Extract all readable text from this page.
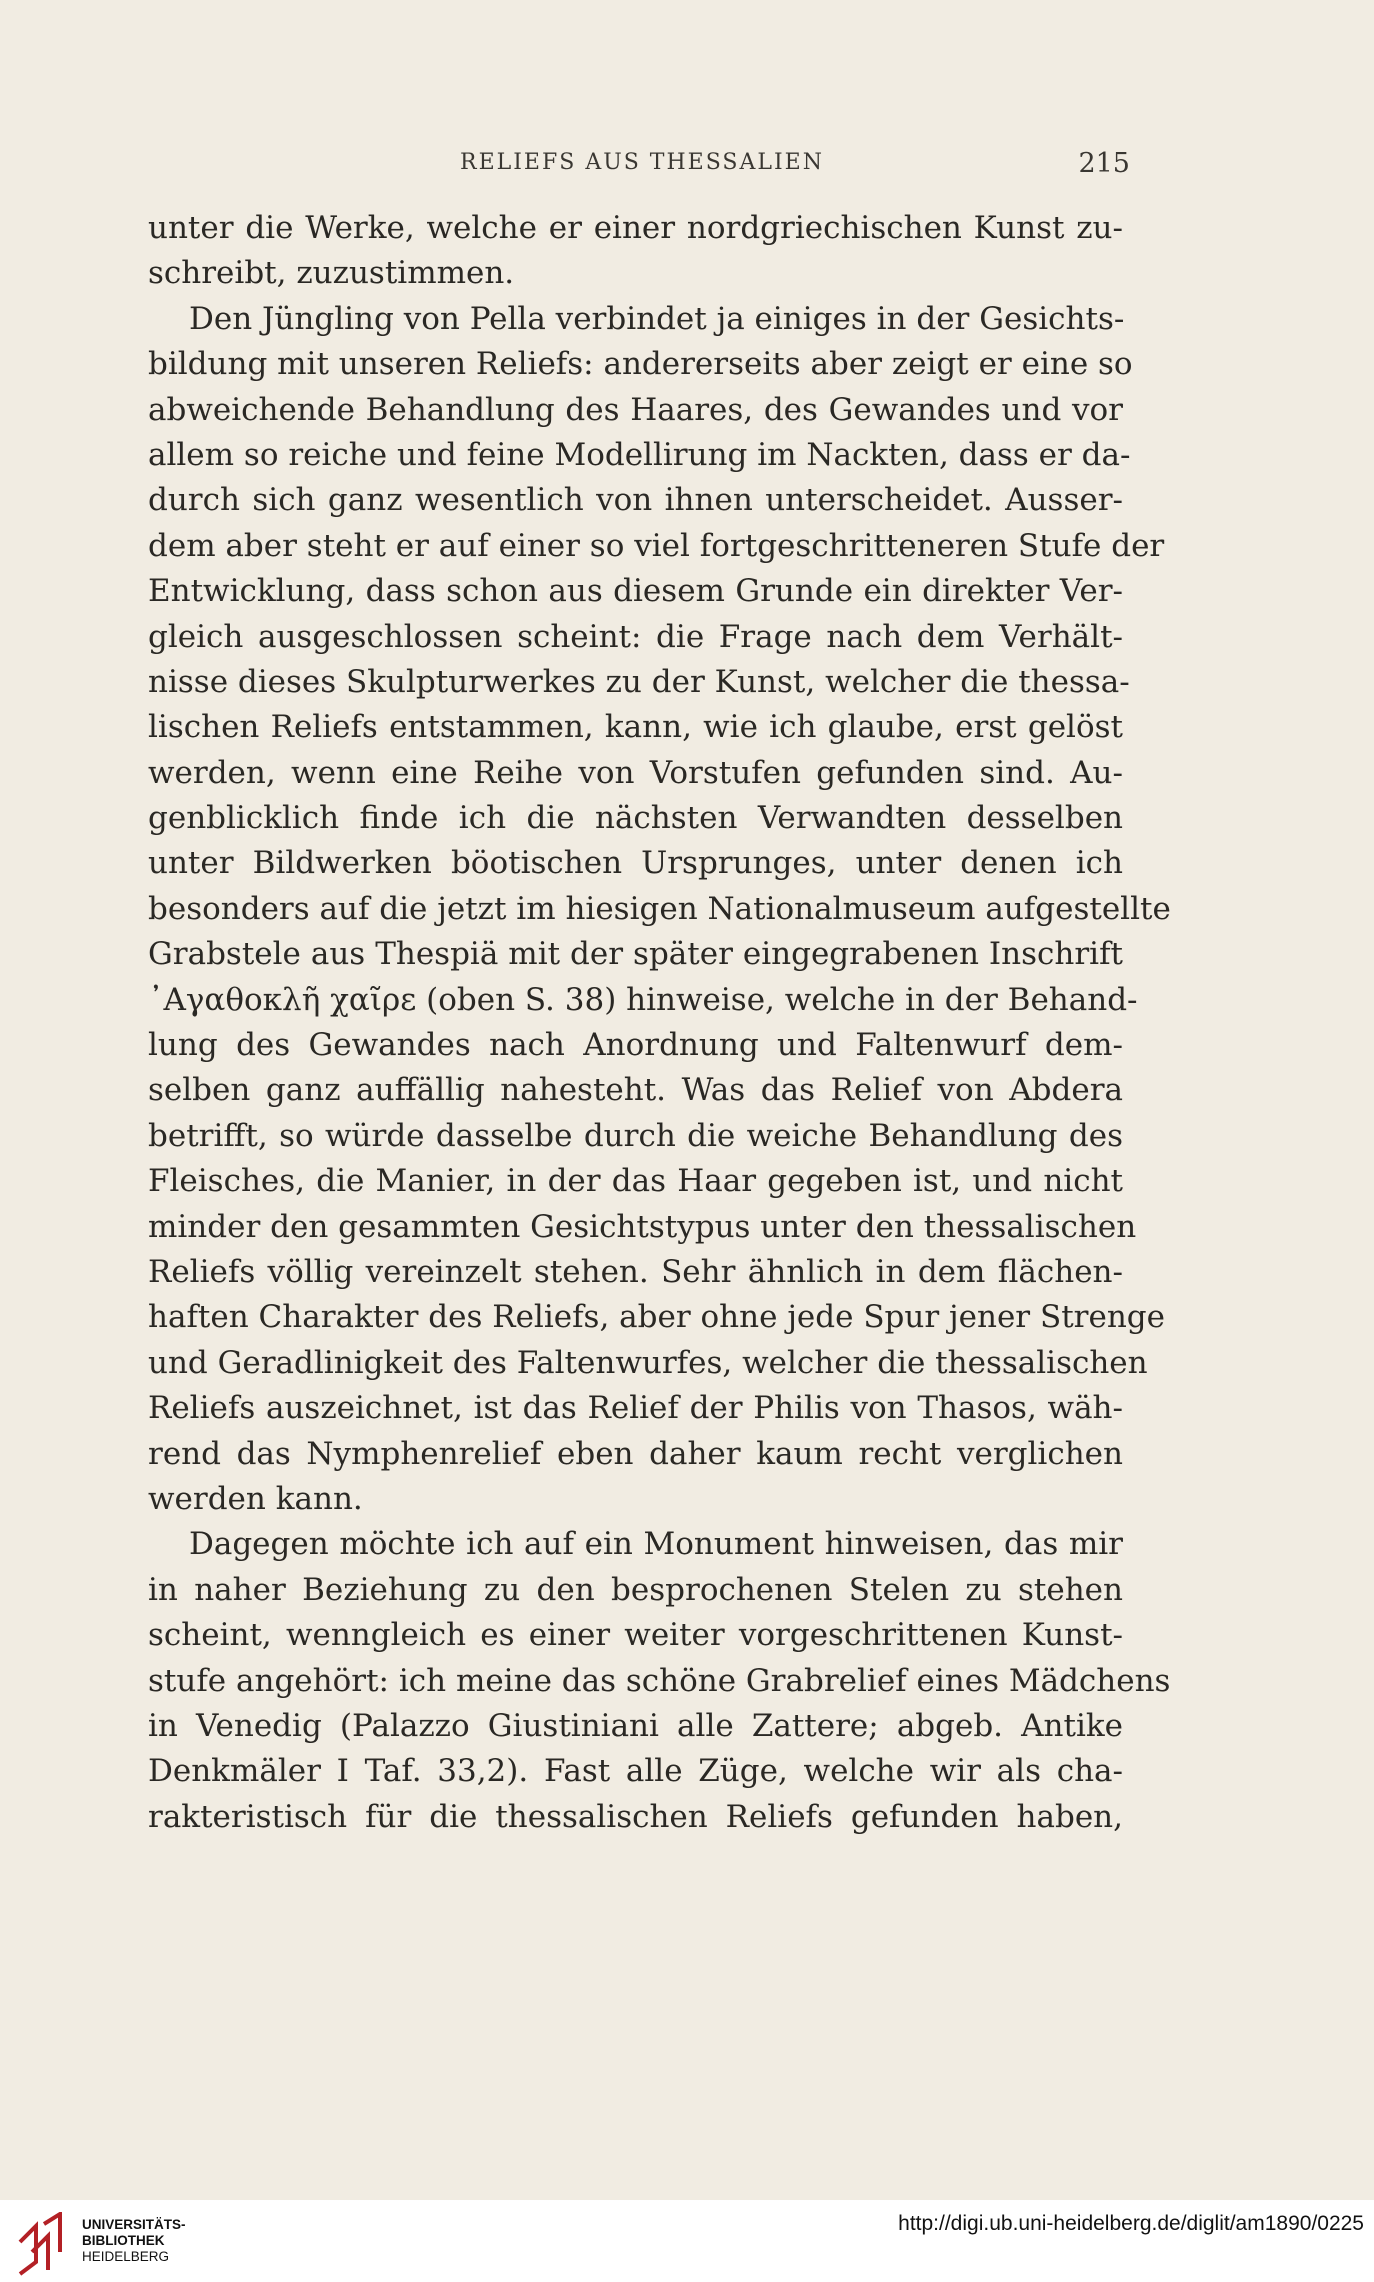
RELIEFS AUS THESSALIEN	215
unter die Werke, welche er einer nordgriechischen Kunst zu-
schreibt, zuzustimmen.
Den Jüngling von Pella verbindet ja einiges in der Gesichts-
bildung mit unseren Reliefs: andererseits aber zeigt er eine so
abweichende Behandlung des Haares, des Gewandes und vor
allem so reiche und feine Modellirung im Nackten, dass er da-
durch sich ganz wesentlich von ihnen unterscheidet. Ausser-
dem aber steht er auf einer so viel fortgeschritteneren Stufe der
Entwicklung, dass schon aus diesem Grunde ein direkter Ver-
gleich ausgeschlossen scheint: die Frage nach dem Verhält-
nisse dieses Skulpturwerkes zu der Kunst, welcher die thessa-
lischen Reliefs entstammen, kann, wie ich glaube, erst gelöst
werden, wenn eine Reihe von Vorstufen gefunden sind. Au-
genblicklich finde ich die nächsten Verwandten desselben
unter Bildwerken böotischen Ursprunges, unter denen ich
besonders auf die jetzt im hiesigen Nationalmuseum aufgestellte
Grabstele aus Thespiä mit der später eingegrabenen Inschrift
᾿Αγαθοκλῆ χαῖρε (oben S. 38) hinweise, welche in der Behand-
lung des Gewandes nach Anordnung und Faltenwurf dem-
selben ganz auffällig nahesteht. Was das Relief von Abdera
betrifft, so würde dasselbe durch die weiche Behandlung des
Fleisches, die Manier, in der das Haar gegeben ist, und nicht
minder den gesammten Gesichtstypus unter den thessalischen
Reliefs völlig vereinzelt stehen. Sehr ähnlich in dem flächen-
haften Charakter des Reliefs, aber ohne jede Spur jener Strenge
und Geradlinigkeit des Faltenwurfes, welcher die thessalischen
Reliefs auszeichnet, ist das Relief der Philis von Thasos, wäh-
rend das Nymphenrelief eben daher kaum recht verglichen
werden kann.
Dagegen möchte ich auf ein Monument hinweisen, das mir
in naher Beziehung zu den besprochenen Stelen zu stehen
scheint, wenngleich es einer weiter vorgeschrittenen Kunst-
stufe angehört: ich meine das schöne Grabrelief eines Mädchens
in Venedig (Palazzo Giustiniani alle Zattere; abgeb. Antike
Denkmäler I Taf. 33,2). Fast alle Züge, welche wir als cha-
rakteristisch für die thessalischen Reliefs gefunden haben,
UNIVERSITÄTS-
BIBLIOTHEK
HEIDELBERG
http://digi.ub.uni-heidelberg.de/diglit/am1890/0225
